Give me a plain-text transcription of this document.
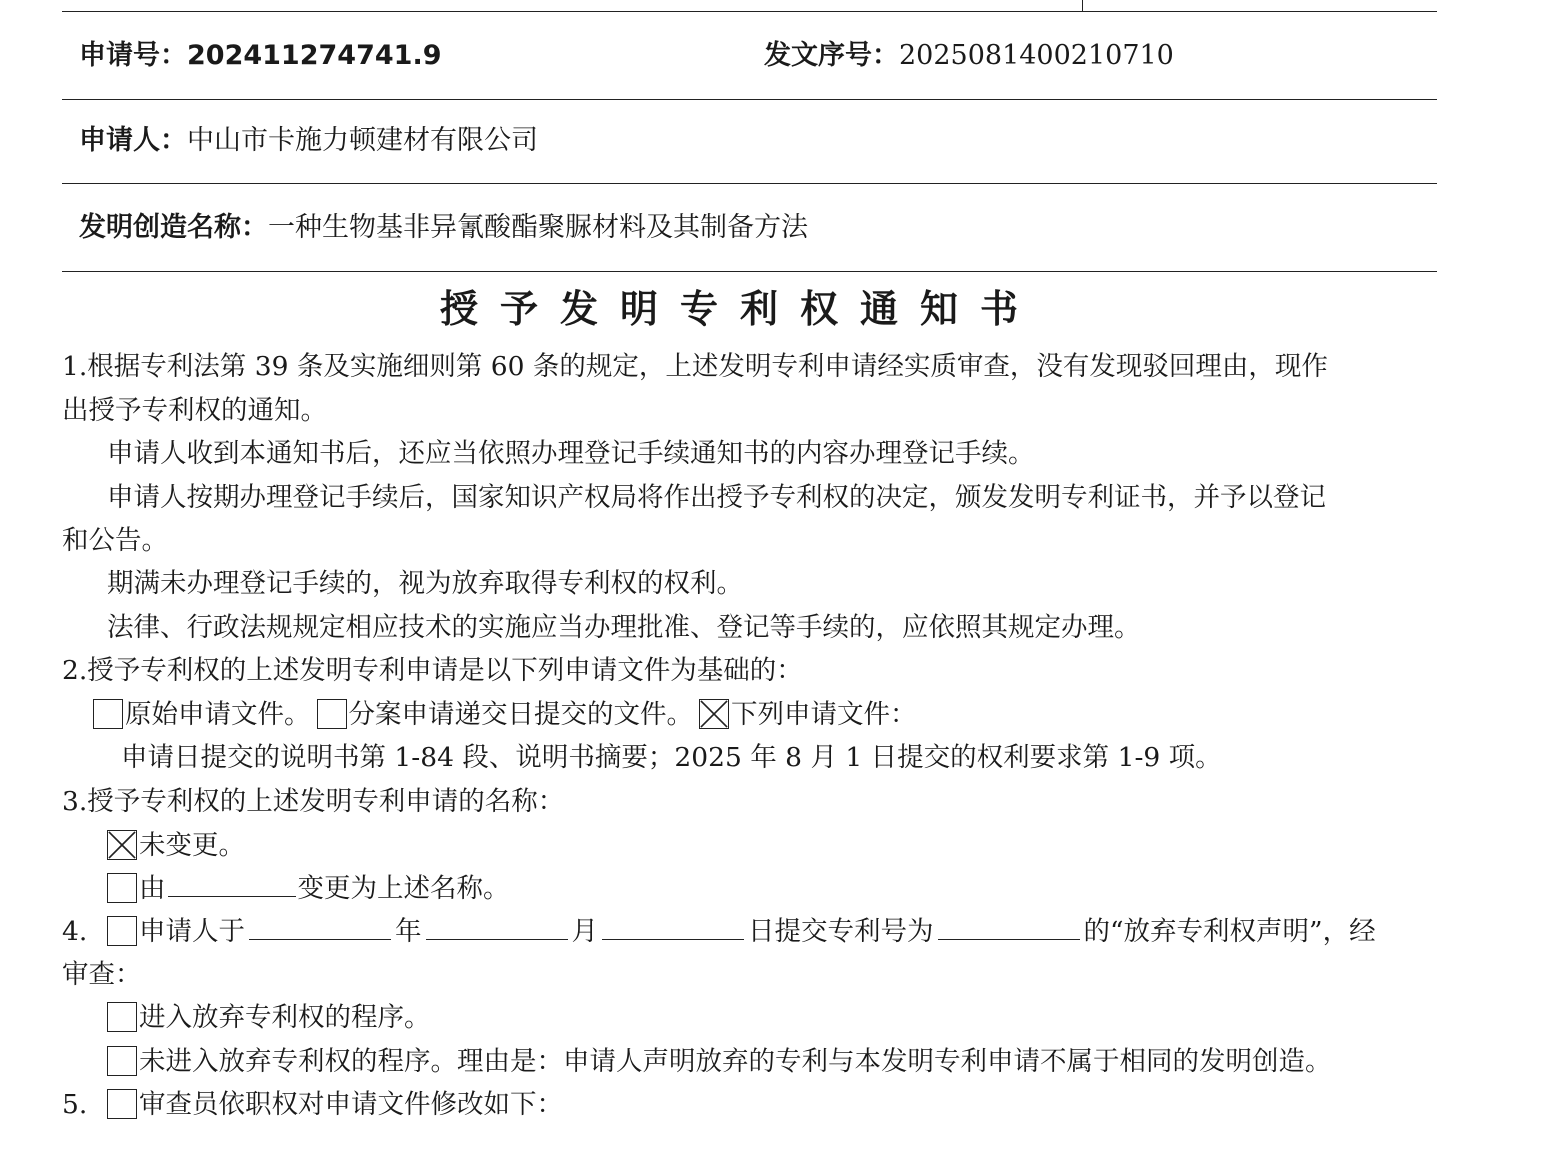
申请号：202411274741.9	发文序号：2025081400210710
申请人：中山市卡施力顿建材有限公司
发明创造名称：一种生物基非异氰酸酯聚脲材料及其制备方法
授予发明专利权通知书
1.根据专利法第 39 条及实施细则第 60 条的规定，上述发明专利申请经实质审查，没有发现驳回理由，现作
出授予专利权的通知。
申请人收到本通知书后，还应当依照办理登记手续通知书的内容办理登记手续。
申请人按期办理登记手续后，国家知识产权局将作出授予专利权的决定，颁发发明专利证书，并予以登记
和公告。
期满未办理登记手续的，视为放弃取得专利权的权利。
法律、行政法规规定相应技术的实施应当办理批准、登记等手续的，应依照其规定办理。
2.授予专利权的上述发明专利申请是以下列申请文件为基础的：
原始申请文件。 分案申请递交日提交的文件。 下列申请文件：
申请日提交的说明书第 1-84 段、说明书摘要；2025 年 8 月 1 日提交的权利要求第 1-9 项。
3.授予专利权的上述发明专利申请的名称：
未变更。
由	变更为上述名称。
4. 申请人于	年	月	日提交专利号为	的“放弃专利权声明”，经
审查：
进入放弃专利权的程序。
未进入放弃专利权的程序。理由是：申请人声明放弃的专利与本发明专利申请不属于相同的发明创造。
5. 审查员依职权对申请文件修改如下：
